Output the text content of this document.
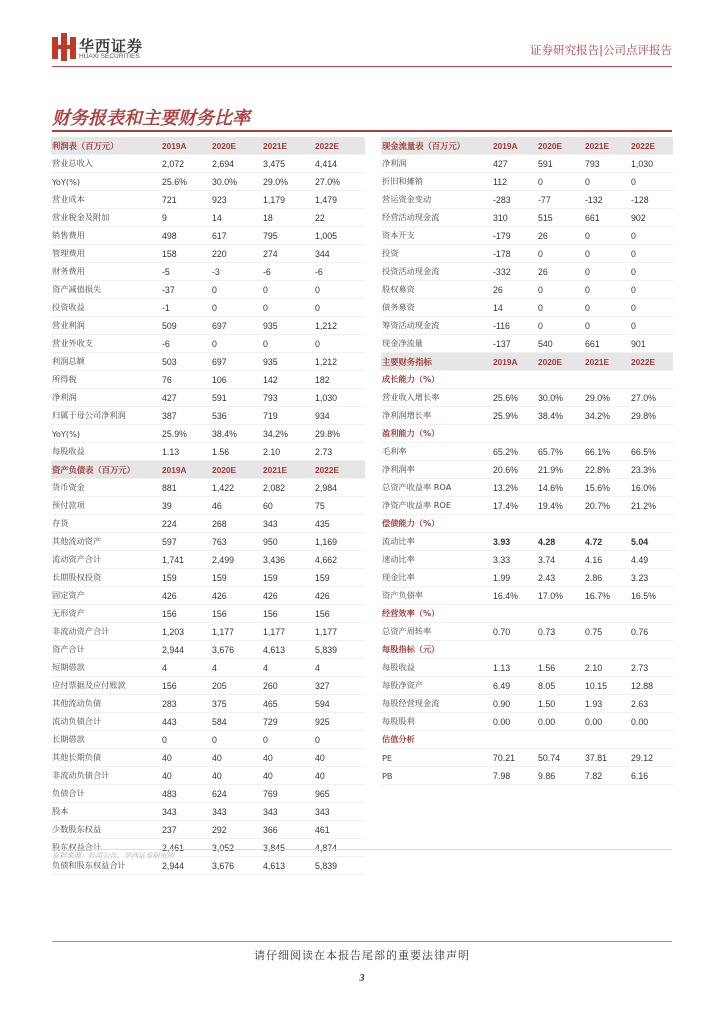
华西证券
HUAXI SECURITIES	证券研究报告|公司点评报告
财务报表和主要财务比率
利润表（百万元）	2019A	2020E	2021E	2022E
营业总收入	2,072	2,694	3,475	4,414
YoY(%)	25.6%	30.0%	29.0%	27.0%
营业成本	721	923	1,179	1,479
营业税金及附加	9	14	18	22
销售费用	498	617	795	1,005
管理费用	158	220	274	344
财务费用	-5	-3	-6	-6
资产减值损失	-37	0	0	0
投资收益	-1	0	0	0
营业利润	509	697	935	1,212
营业外收支	-6	0	0	0
利润总额	503	697	935	1,212
所得税	76	106	142	182
净利润	427	591	793	1,030
归属于母公司净利润	387	536	719	934
YoY(%)	25.9%	38.4%	34.2%	29.8%
每股收益	1.13	1.56	2.10	2.73
资产负债表（百万元）	2019A	2020E	2021E	2022E
货币资金	881	1,422	2,082	2,984
预付款项	39	46	60	75
存货	224	268	343	435
其他流动资产	597	763	950	1,169
流动资产合计	1,741	2,499	3,436	4,662
长期股权投资	159	159	159	159
固定资产	426	426	426	426
无形资产	156	156	156	156
非流动资产合计	1,203	1,177	1,177	1,177
资产合计	2,944	3,676	4,613	5,839
短期借款	4	4	4	4
应付票据及应付账款	156	205	260	327
其他流动负债	283	375	465	594
流动负债合计	443	584	729	925
长期借款	0	0	0	0
其他长期负债	40	40	40	40
非流动负债合计	40	40	40	40
负债合计	483	624	769	965
股本	343	343	343	343
少数股东权益	237	292	366	461
股东权益合计	2,461	3,052	3,845	4,874
负债和股东权益合计	2,944	3,676	4,613	5,839
现金流量表（百万元）	2019A	2020E	2021E	2022E
净利润	427	591	793	1,030
折旧和摊销	112	0	0	0
营运资金变动	-283	-77	-132	-128
经营活动现金流	310	515	661	902
资本开支	-179	26	0	0
投资	-178	0	0	0
投资活动现金流	-332	26	0	0
股权募资	26	0	0	0
债务募资	14	0	0	0
筹资活动现金流	-116	0	0	0
现金净流量	-137	540	661	901
主要财务指标	2019A	2020E	2021E	2022E
成长能力（%）				
营业收入增长率	25.6%	30.0%	29.0%	27.0%
净利润增长率	25.9%	38.4%	34.2%	29.8%
盈利能力（%）				
毛利率	65.2%	65.7%	66.1%	66.5%
净利润率	20.6%	21.9%	22.8%	23.3%
总资产收益率 ROA	13.2%	14.6%	15.6%	16.0%
净资产收益率 ROE	17.4%	19.4%	20.7%	21.2%
偿债能力（%）				
流动比率	3.93	4.28	4.72	5.04
速动比率	3.33	3.74	4.16	4.49
现金比率	1.99	2.43	2.86	3.23
资产负债率	16.4%	17.0%	16.7%	16.5%
经营效率（%）				
总资产周转率	0.70	0.73	0.75	0.76
每股指标（元）				
每股收益	1.13	1.56	2.10	2.73
每股净资产	6.49	8.05	10.15	12.88
每股经营现金流	0.90	1.50	1.93	2.63
每股股利	0.00	0.00	0.00	0.00
估值分析				
PE	70.21	50.74	37.81	29.12
PB	7.98	9.86	7.82	6.16
资料来源：公司公告，华西证券研究所
请仔细阅读在本报告尾部的重要法律声明
3
